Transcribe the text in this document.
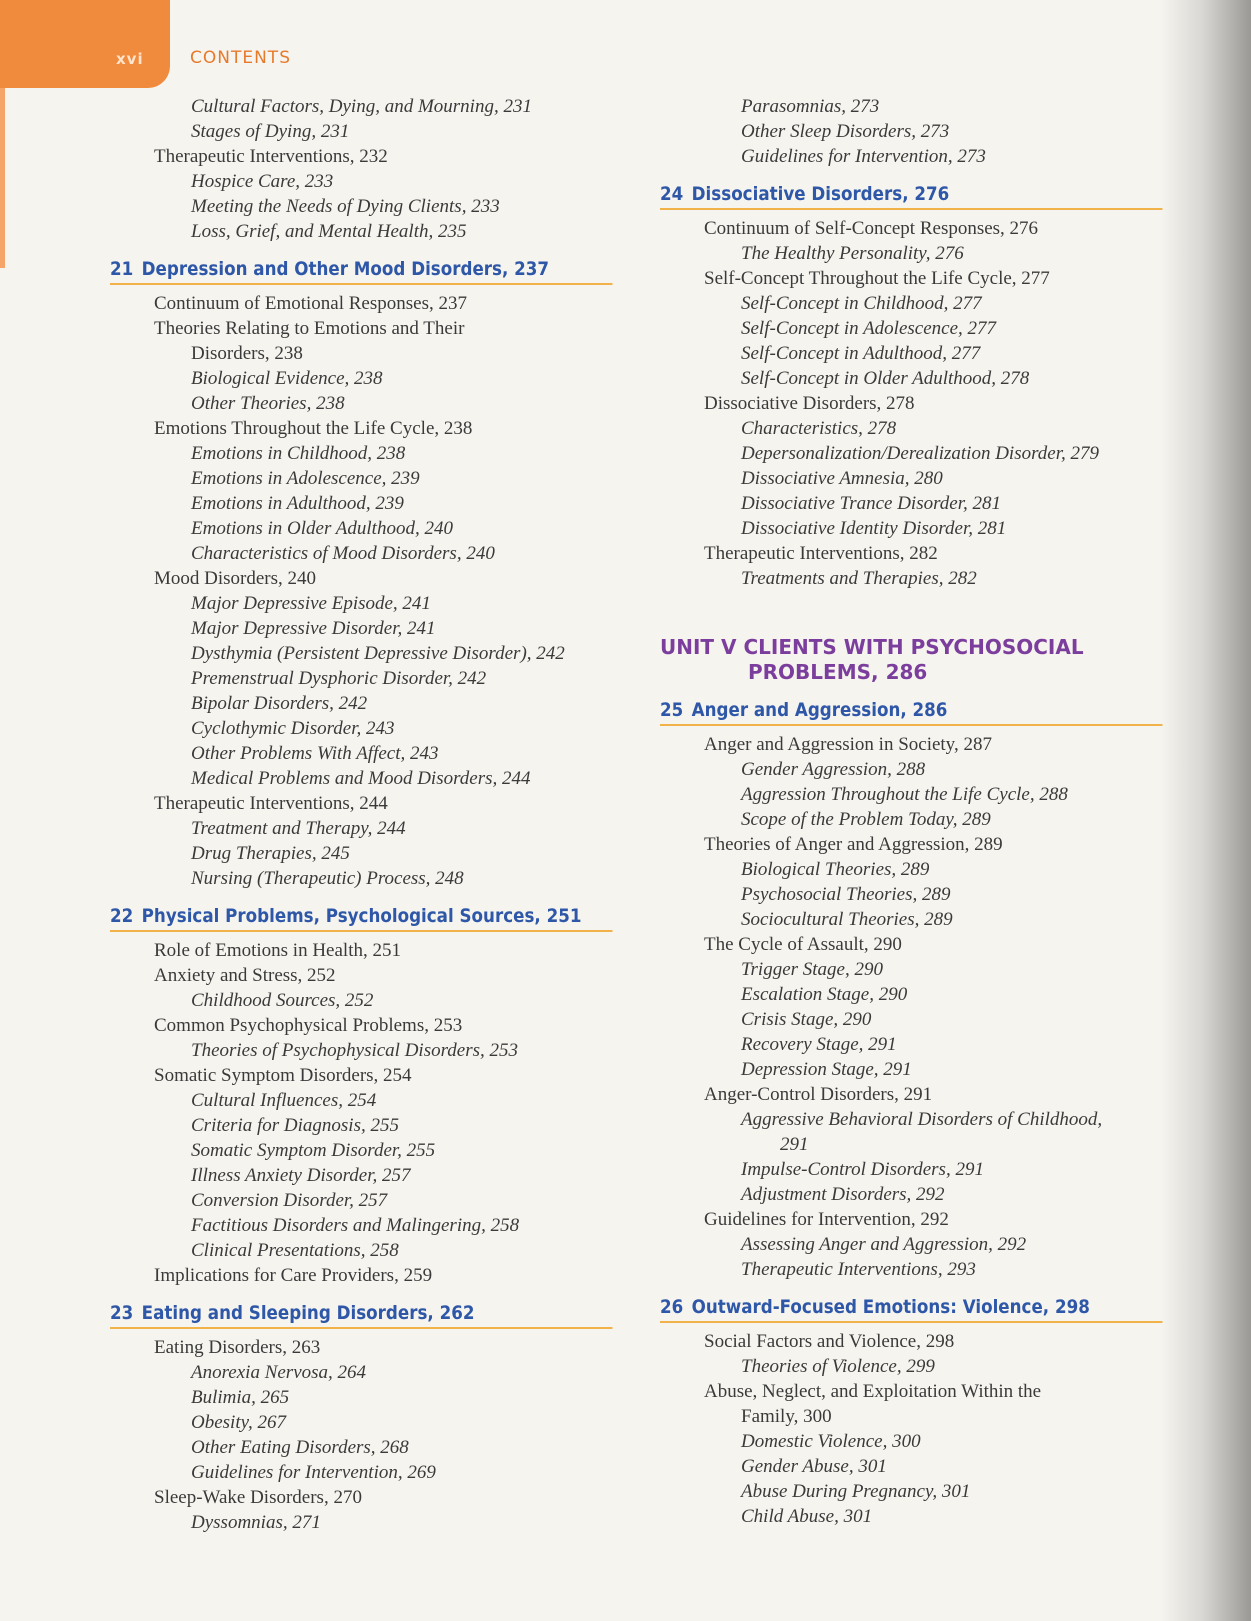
xvi	CONTENTS
Cultural Factors, Dying, and Mourning, 231
Stages of Dying, 231
Therapeutic Interventions, 232
Hospice Care, 233
Meeting the Needs of Dying Clients, 233
Loss, Grief, and Mental Health, 235
21 Depression and Other Mood Disorders, 237
Continuum of Emotional Responses, 237
Theories Relating to Emotions and Their
Disorders, 238
Biological Evidence, 238
Other Theories, 238
Emotions Throughout the Life Cycle, 238
Emotions in Childhood, 238
Emotions in Adolescence, 239
Emotions in Adulthood, 239
Emotions in Older Adulthood, 240
Characteristics of Mood Disorders, 240
Mood Disorders, 240
Major Depressive Episode, 241
Major Depressive Disorder, 241
Dysthymia (Persistent Depressive Disorder), 242
Premenstrual Dysphoric Disorder, 242
Bipolar Disorders, 242
Cyclothymic Disorder, 243
Other Problems With Affect, 243
Medical Problems and Mood Disorders, 244
Therapeutic Interventions, 244
Treatment and Therapy, 244
Drug Therapies, 245
Nursing (Therapeutic) Process, 248
22 Physical Problems, Psychological Sources, 251
Role of Emotions in Health, 251
Anxiety and Stress, 252
Childhood Sources, 252
Common Psychophysical Problems, 253
Theories of Psychophysical Disorders, 253
Somatic Symptom Disorders, 254
Cultural Influences, 254
Criteria for Diagnosis, 255
Somatic Symptom Disorder, 255
Illness Anxiety Disorder, 257
Conversion Disorder, 257
Factitious Disorders and Malingering, 258
Clinical Presentations, 258
Implications for Care Providers, 259
23 Eating and Sleeping Disorders, 262
Eating Disorders, 263
Anorexia Nervosa, 264
Bulimia, 265
Obesity, 267
Other Eating Disorders, 268
Guidelines for Intervention, 269
Sleep-Wake Disorders, 270
Dyssomnias, 271
Parasomnias, 273
Other Sleep Disorders, 273
Guidelines for Intervention, 273
24 Dissociative Disorders, 276
Continuum of Self-Concept Responses, 276
The Healthy Personality, 276
Self-Concept Throughout the Life Cycle, 277
Self-Concept in Childhood, 277
Self-Concept in Adolescence, 277
Self-Concept in Adulthood, 277
Self-Concept in Older Adulthood, 278
Dissociative Disorders, 278
Characteristics, 278
Depersonalization/Derealization Disorder, 279
Dissociative Amnesia, 280
Dissociative Trance Disorder, 281
Dissociative Identity Disorder, 281
Therapeutic Interventions, 282
Treatments and Therapies, 282
UNIT V CLIENTS WITH PSYCHOSOCIAL
PROBLEMS, 286
25 Anger and Aggression, 286
Anger and Aggression in Society, 287
Gender Aggression, 288
Aggression Throughout the Life Cycle, 288
Scope of the Problem Today, 289
Theories of Anger and Aggression, 289
Biological Theories, 289
Psychosocial Theories, 289
Sociocultural Theories, 289
The Cycle of Assault, 290
Trigger Stage, 290
Escalation Stage, 290
Crisis Stage, 290
Recovery Stage, 291
Depression Stage, 291
Anger-Control Disorders, 291
Aggressive Behavioral Disorders of Childhood,
291
Impulse-Control Disorders, 291
Adjustment Disorders, 292
Guidelines for Intervention, 292
Assessing Anger and Aggression, 292
Therapeutic Interventions, 293
26 Outward-Focused Emotions: Violence, 298
Social Factors and Violence, 298
Theories of Violence, 299
Abuse, Neglect, and Exploitation Within the
Family, 300
Domestic Violence, 300
Gender Abuse, 301
Abuse During Pregnancy, 301
Child Abuse, 301
